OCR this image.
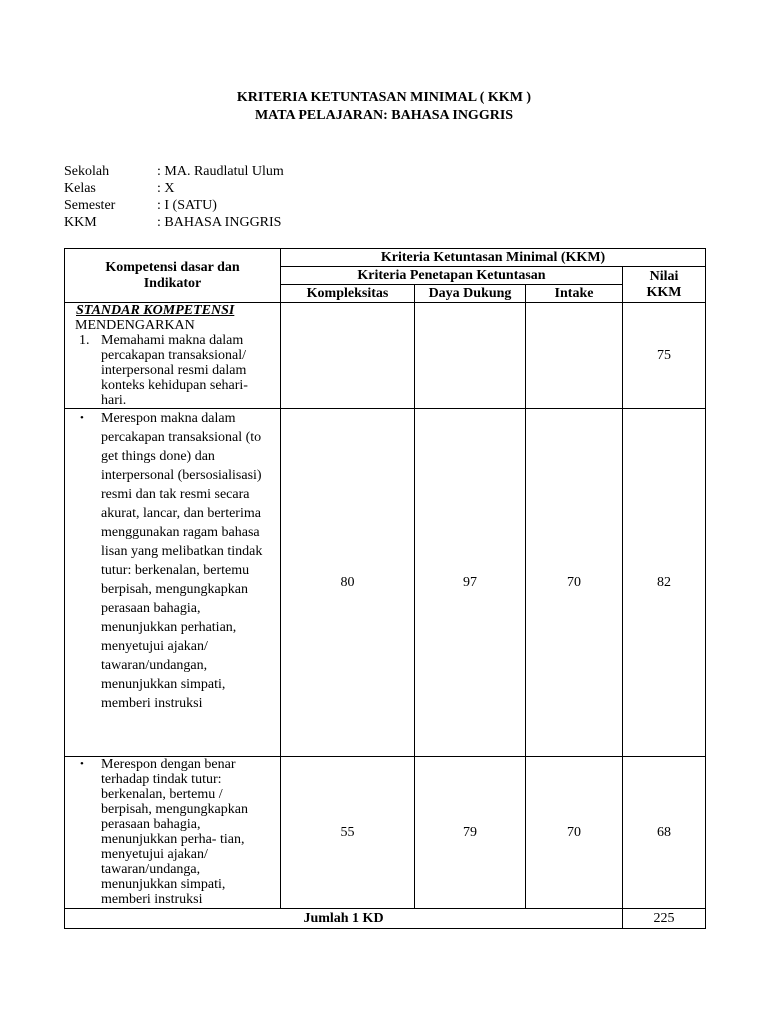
KRITERIA KETUNTASAN MINIMAL ( KKM )
MATA PELAJARAN: BAHASA INGGRIS
Sekolah	: MA. Raudlatul Ulum
Kelas	: X
Semester	: I (SATU)
KKM	: BAHASA INGGRIS
Kompetensi dasar dan Indikator	Kriteria Ketuntasan Minimal (KKM)			
	Kriteria Penetapan Ketuntasan			Nilai KKM
	Kompleksitas	Daya Dukung	Intake	

STANDAR KOMPETENSI
MENDENGARKAN
1. Memahami makna dalam percakapan transaksional/ interpersonal resmi dalam konteks kehidupan sehari-hari.				75

• Merespon makna dalam percakapan transaksional (to get things done) dan interpersonal (bersosialisasi) resmi dan tak resmi secara akurat, lancar, dan berterima menggunakan ragam bahasa lisan yang melibatkan tindak tutur: berkenalan, bertemu berpisah, mengungkapkan perasaan bahagia, menunjukkan perhatian, menyetujui ajakan/ tawaran/undangan, menunjukkan simpati, memberi instruksi	80	97	70	82

• Merespon dengan benar terhadap tindak tutur: berkenalan, bertemu / berpisah, mengungkapkan perasaan bahagia, menunjukkan perha- tian, menyetujui ajakan/ tawaran/undanga, menunjukkan simpati, memberi instruksi	55	79	70	68
Jumlah 1 KD				225
